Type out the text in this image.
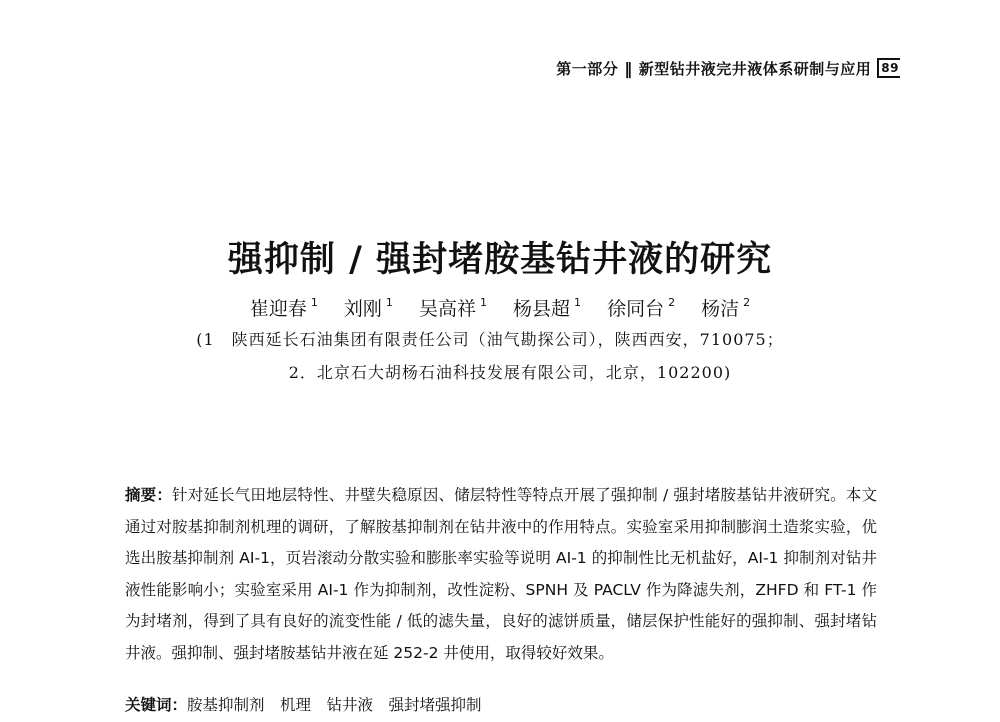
第一部分 ‖ 新型钻井液完井液体系研制与应用 89
强抑制 / 强封堵胺基钻井液的研究
崔迎春 $^1$ 刘刚 $^1$ 吴高祥 $^1$ 杨县超 $^1$ 徐同台 $^2$ 杨洁 $^2$
(1　陕西延长石油集团有限责任公司（油气勘探公司），陕西西安，710075；
2．北京石大胡杨石油科技发展有限公司，北京，102200)
摘要：针对延长气田地层特性、井壁失稳原因、储层特性等特点开展了强抑制 / 强封堵胺基钻井液研究。本文通过对胺基抑制剂机理的调研，了解胺基抑制剂在钻井液中的作用特点。实验室采用抑制膨润土造浆实验，优选出胺基抑制剂 AI-1，页岩滚动分散实验和膨胀率实验等说明 AI-1 的抑制性比无机盐好，AI-1 抑制剂对钻井液性能影响小；实验室采用 AI-1 作为抑制剂，改性淀粉、SPNH 及 PACLV 作为降滤失剂，ZHFD 和 FT-1 作为封堵剂，得到了具有良好的流变性能 / 低的滤失量，良好的滤饼质量，储层保护性能好的强抑制、强封堵钻井液。强抑制、强封堵胺基钻井液在延 252-2 井使用，取得较好效果。
关键词：胺基抑制剂　机理　钻井液　强封堵强抑制
